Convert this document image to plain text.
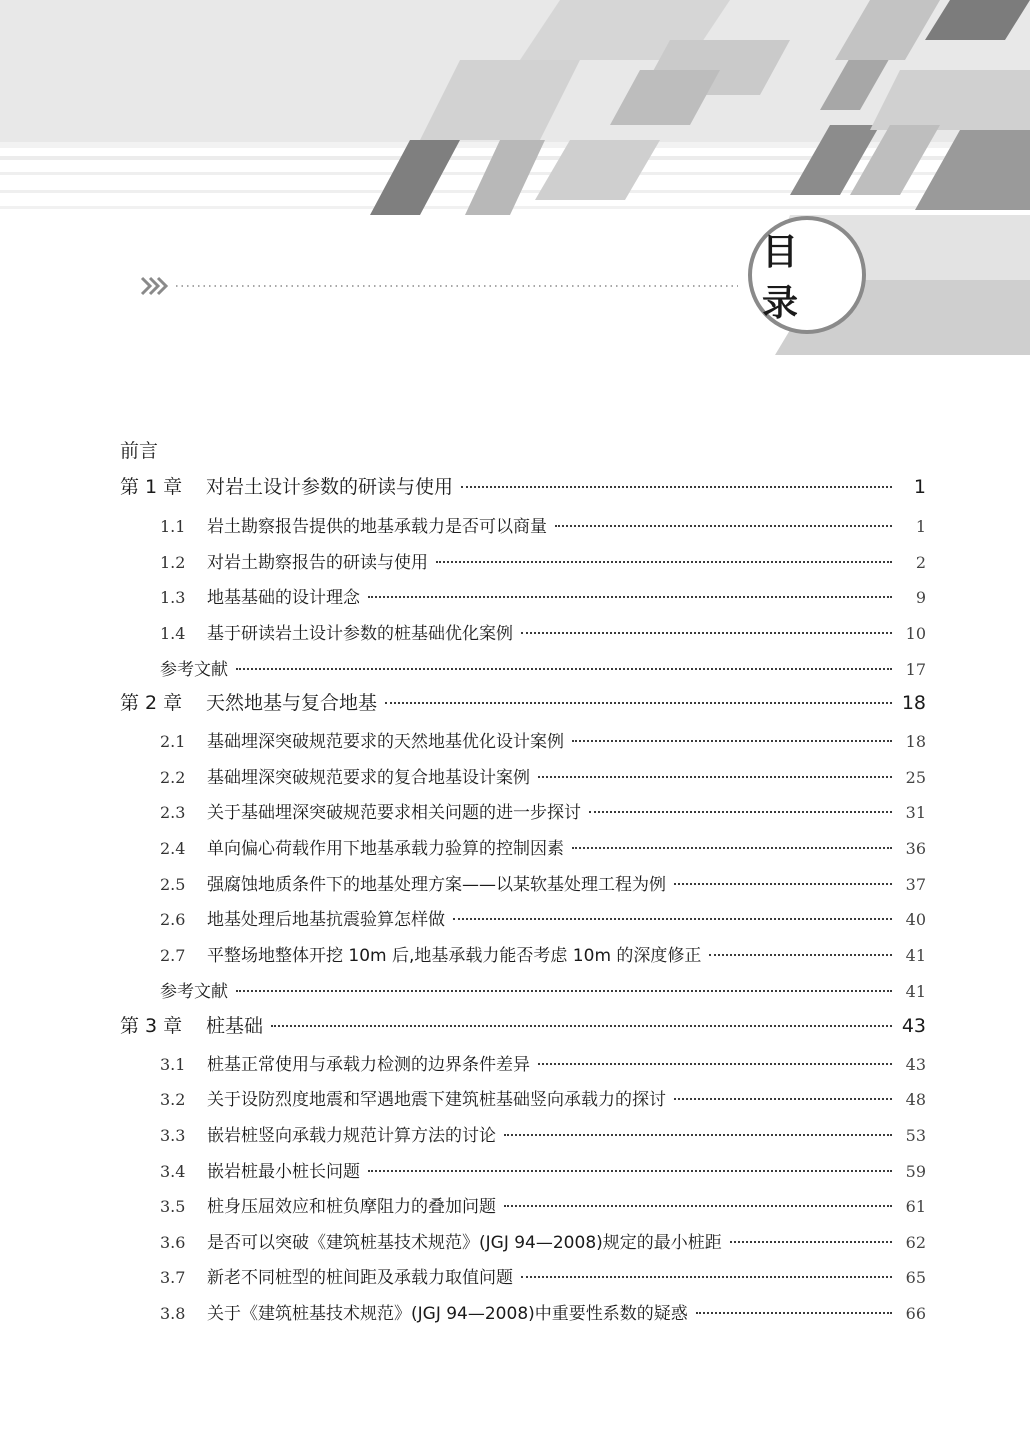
目 录
前言
第 1 章	对岩土设计参数的研读与使用	1
1.1	岩土勘察报告提供的地基承载力是否可以商量	1
1.2	对岩土勘察报告的研读与使用	2
1.3	地基基础的设计理念	9
1.4	基于研读岩土设计参数的桩基础优化案例	10
参考文献	17
第 2 章	天然地基与复合地基	18
2.1	基础埋深突破规范要求的天然地基优化设计案例	18
2.2	基础埋深突破规范要求的复合地基设计案例	25
2.3	关于基础埋深突破规范要求相关问题的进一步探讨	31
2.4	单向偏心荷载作用下地基承载力验算的控制因素	36
2.5	强腐蚀地质条件下的地基处理方案——以某软基处理工程为例	37
2.6	地基处理后地基抗震验算怎样做	40
2.7	平整场地整体开挖 10m 后,地基承载力能否考虑 10m 的深度修正	41
参考文献	41
第 3 章	桩基础	43
3.1	桩基正常使用与承载力检测的边界条件差异	43
3.2	关于设防烈度地震和罕遇地震下建筑桩基础竖向承载力的探讨	48
3.3	嵌岩桩竖向承载力规范计算方法的讨论	53
3.4	嵌岩桩最小桩长问题	59
3.5	桩身压屈效应和桩负摩阻力的叠加问题	61
3.6	是否可以突破《建筑桩基技术规范》(JGJ 94—2008)规定的最小桩距	62
3.7	新老不同桩型的桩间距及承载力取值问题	65
3.8	关于《建筑桩基技术规范》(JGJ 94—2008)中重要性系数的疑惑	66
